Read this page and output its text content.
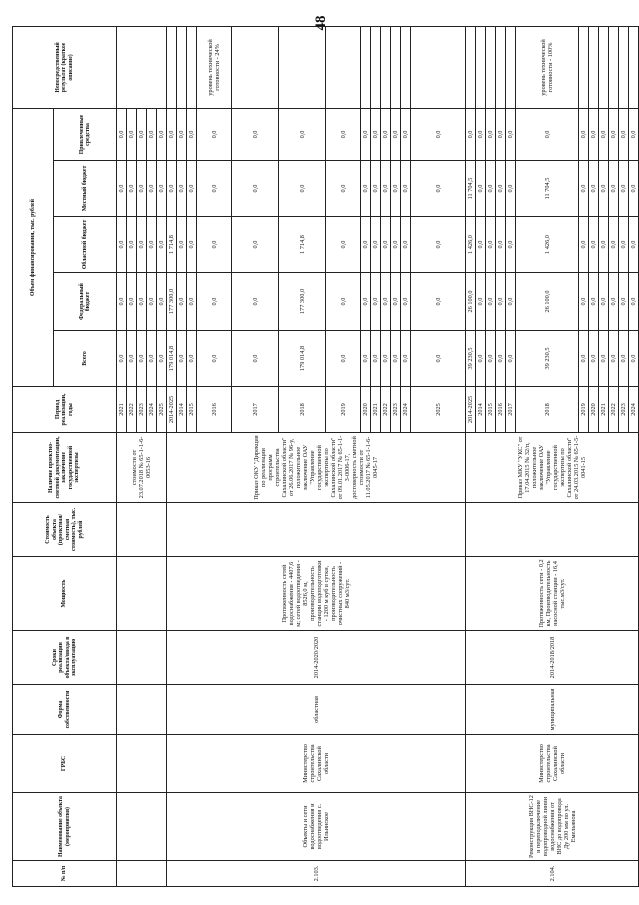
48
№ п/п	Наименование объекта (мероприятия)	ГРБС	Форма собственности	Сроки реализации объекта/ввода в эксплуатацию	Мощность	Стоимость объекта (проектная/сметная стоимость), тыс. рублей	Наличие проектно-сметной документации, заключение государственной экспертизы	Период реализации, годы	Объем финансирования, тыс. рублей					Непосредственный результат (краткое описание)
									Всего	Федеральный бюджет	Областной бюджет	Местный бюджет	Привлеченные средства	
							стоимости от 23.07.2018 № 65-1-1-6-0053-16	2021	0,0	0,0	0,0	0,0	0,0	
								2022	0,0	0,0	0,0	0,0	0,0	
								2023	0,0	0,0	0,0	0,0	0,0	
								2024	0,0	0,0	0,0	0,0	0,0	
								2025	0,0	0,0	0,0	0,0	0,0	
2.103.	Объекты и сети водоснабжения и водоотведения с. Ильинское	Министерство строительства Сахалинской области	областная	2014-2020/2020	Протяженность сетей водоснабжения - 4407,6 м; сетей водоотведения - 8526,0 м, производительность станции водоподготовки - 1200 м куб в сутки, производительность очистных сооружений - 840 м3/сут.		Приказ ОКУ "Дирекция по реализации программ строительства Сахалинской области" от 26.06.2017 № 96-у, положительное заключение ОАУ "Управление государственной экспертизы по Сахалинской области" от 09.01.2017 № 65-1-1-3-0006-17, достоверность сметной стоимости от 11.05.2017 № 65-1-1-6-0045-17	2014-2025	179 014,8	177 300,0	1 714,8	0,0	0,0	
								2014	0,0	0,0	0,0	0,0	0,0	
								2015	0,0	0,0	0,0	0,0	0,0	
								2016	0,0	0,0	0,0	0,0	0,0	уровень технической готовности - 24%
								2017	0,0	0,0	0,0	0,0	0,0	
								2018	179 014,8	177 300,0	1 714,8	0,0	0,0	
								2019	0,0	0,0	0,0	0,0	0,0	
								2020	0,0	0,0	0,0	0,0	0,0	
								2021	0,0	0,0	0,0	0,0	0,0	
								2022	0,0	0,0	0,0	0,0	0,0	
								2023	0,0	0,0	0,0	0,0	0,0	
								2024	0,0	0,0	0,0	0,0	0,0	
								2025	0,0	0,0	0,0	0,0	0,0	
2.104.	Реконструкция ВНС-12 и переподключение водопроводной линии водоснабжения от ВНС до водопровода Ду 200 мм по ул. Емельянова	Министерство строительства Сахалинской области	муниципальная	2014-2018/2018	Протяженность сети - 0,2 км, Производительность насосной станции - 16,4 тыс.м3/сут.		Приказ МКУ "УКС" от 17.04.2015 № 32/п, положительное заключение ОАУ "Управление государственной экспертизы по Сахалинской области" от 24.03.2015 № 65-1-5-0041-15	2014-2025	39 230,5	26 100,0	1 426,0	11 704,5	0,0	
								2014	0,0	0,0	0,0	0,0	0,0	
								2015	0,0	0,0	0,0	0,0	0,0	
								2016	0,0	0,0	0,0	0,0	0,0	
								2017	0,0	0,0	0,0	0,0	0,0	
								2018	39 230,5	26 100,0	1 426,0	11 704,5	0,0	уровень технической готовности - 100%
								2019	0,0	0,0	0,0	0,0	0,0	
								2020	0,0	0,0	0,0	0,0	0,0	
								2021	0,0	0,0	0,0	0,0	0,0	
								2022	0,0	0,0	0,0	0,0	0,0	
								2023	0,0	0,0	0,0	0,0	0,0	
								2024	0,0	0,0	0,0	0,0	0,0	
